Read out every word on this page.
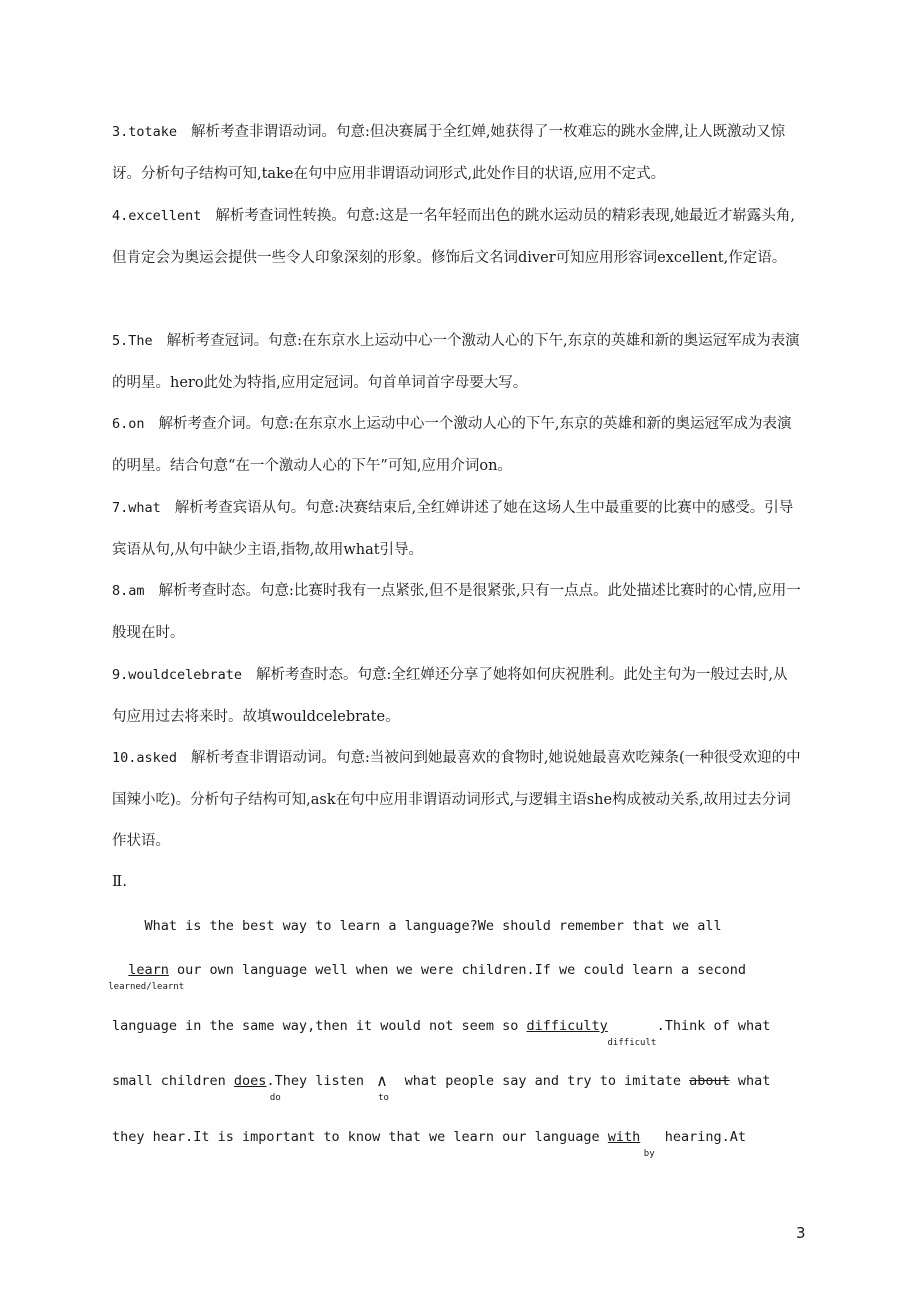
3.totake 解析考查非谓语动词。句意:但决赛属于全红婵,她获得了一枚难忘的跳水金牌,让人既激动又惊讶。分析句子结构可知,take在句中应用非谓语动词形式,此处作目的状语,应用不定式。

4.excellent 解析考查词性转换。句意:这是一名年轻而出色的跳水运动员的精彩表现,她最近才崭露头角,但肯定会为奥运会提供一些令人印象深刻的形象。修饰后文名词diver可知应用形容词excellent,作定语。

5.The 解析考查冠词。句意:在东京水上运动中心一个激动人心的下午,东京的英雄和新的奥运冠军成为表演的明星。hero此处为特指,应用定冠词。句首单词首字母要大写。

6.on 解析考查介词。句意:在东京水上运动中心一个激动人心的下午,东京的英雄和新的奥运冠军成为表演的明星。结合句意“在一个激动人心的下午”可知,应用介词on。

7.what 解析考查宾语从句。句意:决赛结束后,全红婵讲述了她在这场人生中最重要的比赛中的感受。引导宾语从句,从句中缺少主语,指物,故用what引导。

8.am 解析考查时态。句意:比赛时我有一点紧张,但不是很紧张,只有一点点。此处描述比赛时的心情,应用一般现在时。

9.wouldcelebrate 解析考查时态。句意:全红婵还分享了她将如何庆祝胜利。此处主句为一般过去时,从句应用过去将来时。故填wouldcelebrate。

10.asked 解析考查非谓语动词。句意:当被问到她最喜欢的食物时,她说她最喜欢吃辣条(一种很受欢迎的中国辣小吃)。分析句子结构可知,ask在句中应用非谓语动词形式,与逻辑主语she构成被动关系,故用过去分词作状语。

Ⅱ.

What is the best way to learn a language?We should remember that we all

learn
learned/learnt
our own language well when we were children.If we could learn a second

language in the same way,then it would not seem so difficulty
difficult
.Think of what

small children does
do
.They listen ∧
to
what people say and try to imitate about what

they hear.It is important to know that we learn our language with
by
hearing.At

3
